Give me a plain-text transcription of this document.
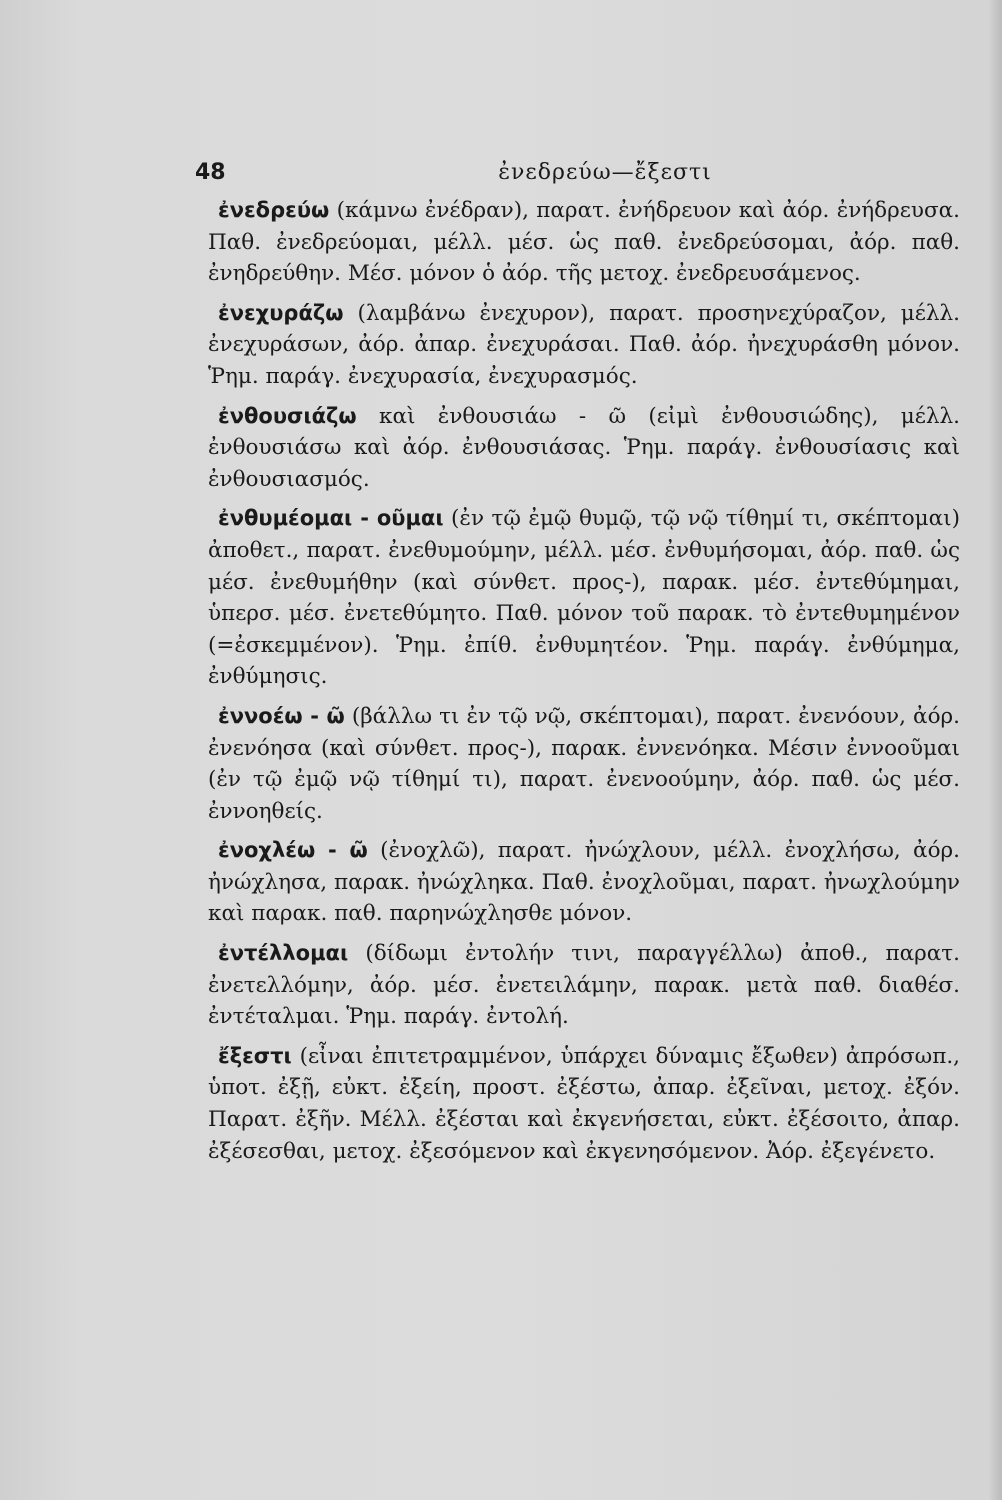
48	ἐνεδρεύω—ἔξεστι

ἐνεδρεύω (κάμνω ἐνέδραν), παρατ. ἐνήδρευον καὶ ἀόρ. ἐνήδρευσα. Παθ. ἐνεδρεύομαι, μέλλ. μέσ. ὡς παθ. ἐνεδρεύσομαι, ἀόρ. παθ. ἐνηδρεύθην. Μέσ. μόνον ὁ ἀόρ. τῆς μετοχ. ἐνεδρευσάμενος.

ἐνεχυράζω (λαμβάνω ἐνεχυρον), παρατ. προσηνεχύραζον, μέλλ. ἐνεχυράσων, ἀόρ. ἀπαρ. ἐνεχυράσαι. Παθ. ἀόρ. ἠνεχυράσθη μόνον. Ῥημ. παράγ. ἐνεχυρασία, ἐνεχυρασμός.

ἐνθουσιάζω καὶ ἐνθουσιάω - ῶ (εἰμὶ ἐνθουσιώδης), μέλλ. ἐνθουσιάσω καὶ ἀόρ. ἐνθουσιάσας. Ῥημ. παράγ. ἐνθουσίασις καὶ ἐνθουσιασμός.

ἐνθυμέομαι - οῦμαι (ἐν τῷ ἐμῷ θυμῷ, τῷ νῷ τίθημί τι, σκέπτομαι) ἀποθετ., παρατ. ἐνεθυμούμην, μέλλ. μέσ. ἐνθυμήσομαι, ἀόρ. παθ. ὡς μέσ. ἐνεθυμήθην (καὶ σύνθετ. προς-), παρακ. μέσ. ἐντεθύμημαι, ὑπερσ. μέσ. ἐνετεθύμητο. Παθ. μόνον τοῦ παρακ. τὸ ἐντεθυμημένον (=ἐσκεμμένον). Ῥημ. ἐπίθ. ἐνθυμητέον. Ῥημ. παράγ. ἐνθύμημα, ἐνθύμησις.

ἐννοέω - ῶ (βάλλω τι ἐν τῷ νῷ, σκέπτομαι), παρατ. ἐνενόουν, ἀόρ. ἐνενόησα (καὶ σύνθετ. προς-), παρακ. ἐννενόηκα. Μέσιν ἐννοοῦμαι (ἐν τῷ ἐμῷ νῷ τίθημί τι), παρατ. ἐνενοούμην, ἀόρ. παθ. ὡς μέσ. ἐννοηθείς.

ἐνοχλέω - ῶ (ἐνοχλῶ), παρατ. ἠνώχλουν, μέλλ. ἐνοχλήσω, ἀόρ. ἠνώχλησα, παρακ. ἠνώχληκα. Παθ. ἐνοχλοῦμαι, παρατ. ἠνωχλούμην καὶ παρακ. παθ. παρηνώχλησθε μόνον.

ἐντέλλομαι (δίδωμι ἐντολήν τινι, παραγγέλλω) ἀποθ., παρατ. ἐνετελλόμην, ἀόρ. μέσ. ἐνετειλάμην, παρακ. μετὰ παθ. διαθέσ. ἐντέταλμαι. Ῥημ. παράγ. ἐντολή.

ἔξεστι (εἶναι ἐπιτετραμμένον, ὑπάρχει δύναμις ἔξωθεν) ἀπρόσωπ., ὑποτ. ἐξῇ, εὐκτ. ἐξείη, προστ. ἐξέστω, ἀπαρ. ἐξεῖναι, μετοχ. ἐξόν. Παρατ. ἐξῆν. Μέλλ. ἐξέσται καὶ ἐκγενήσεται, εὐκτ. ἐξέσοιτο, ἀπαρ. ἐξέσεσθαι, μετοχ. ἐξεσόμενον καὶ ἐκγενησόμενον. Ἀόρ. ἐξεγένετο.
